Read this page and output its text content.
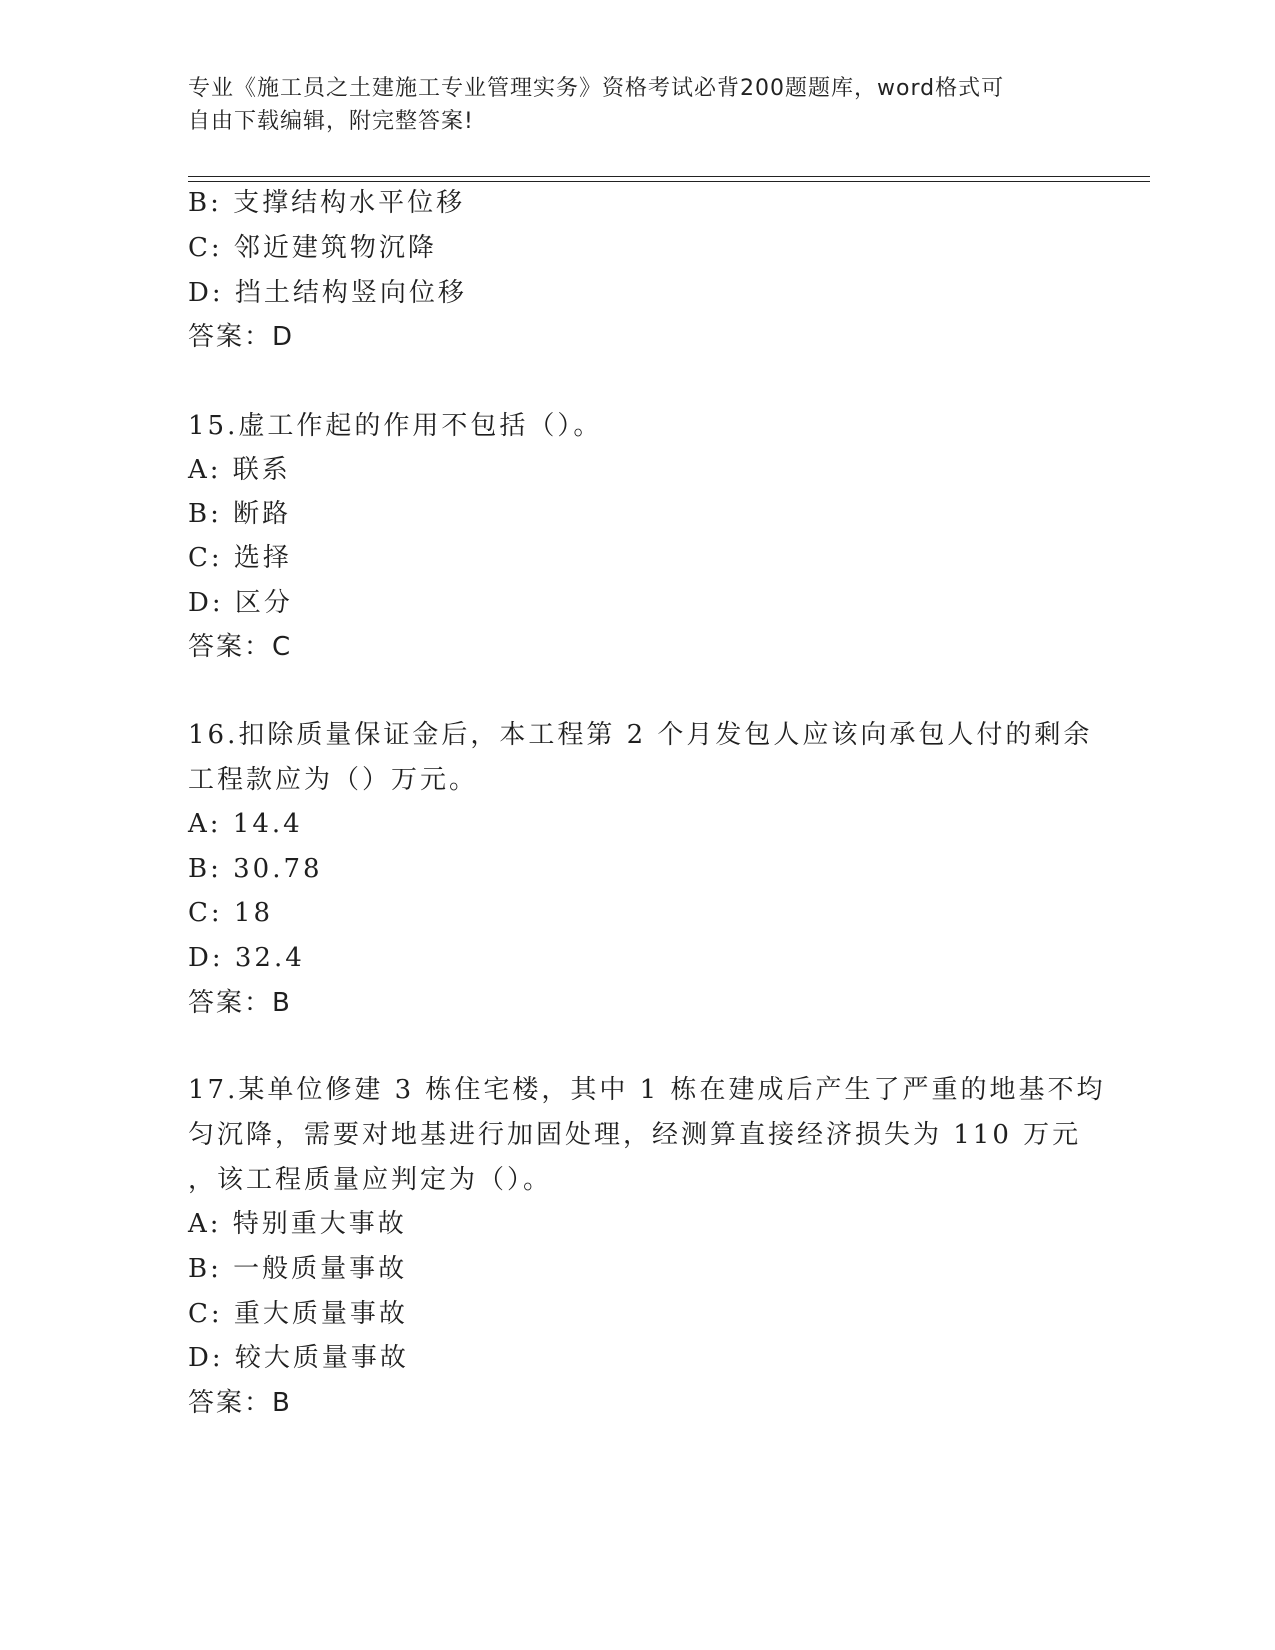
专业《施工员之土建施工专业管理实务》资格考试必背200题题库，word格式可
自由下载编辑，附完整答案!
B: 支撑结构水平位移
C: 邻近建筑物沉降
D: 挡土结构竖向位移
答案：D
15.虚工作起的作用不包括（）。
A: 联系
B: 断路
C: 选择
D: 区分
答案：C
16.扣除质量保证金后，本工程第 2 个月发包人应该向承包人付的剩余
工程款应为（）万元。
A: 14.4
B: 30.78
C: 18
D: 32.4
答案：B
17.某单位修建 3 栋住宅楼，其中 1 栋在建成后产生了严重的地基不均
匀沉降，需要对地基进行加固处理，经测算直接经济损失为 110 万元
，该工程质量应判定为（）。
A: 特别重大事故
B: 一般质量事故
C: 重大质量事故
D: 较大质量事故
答案：B
